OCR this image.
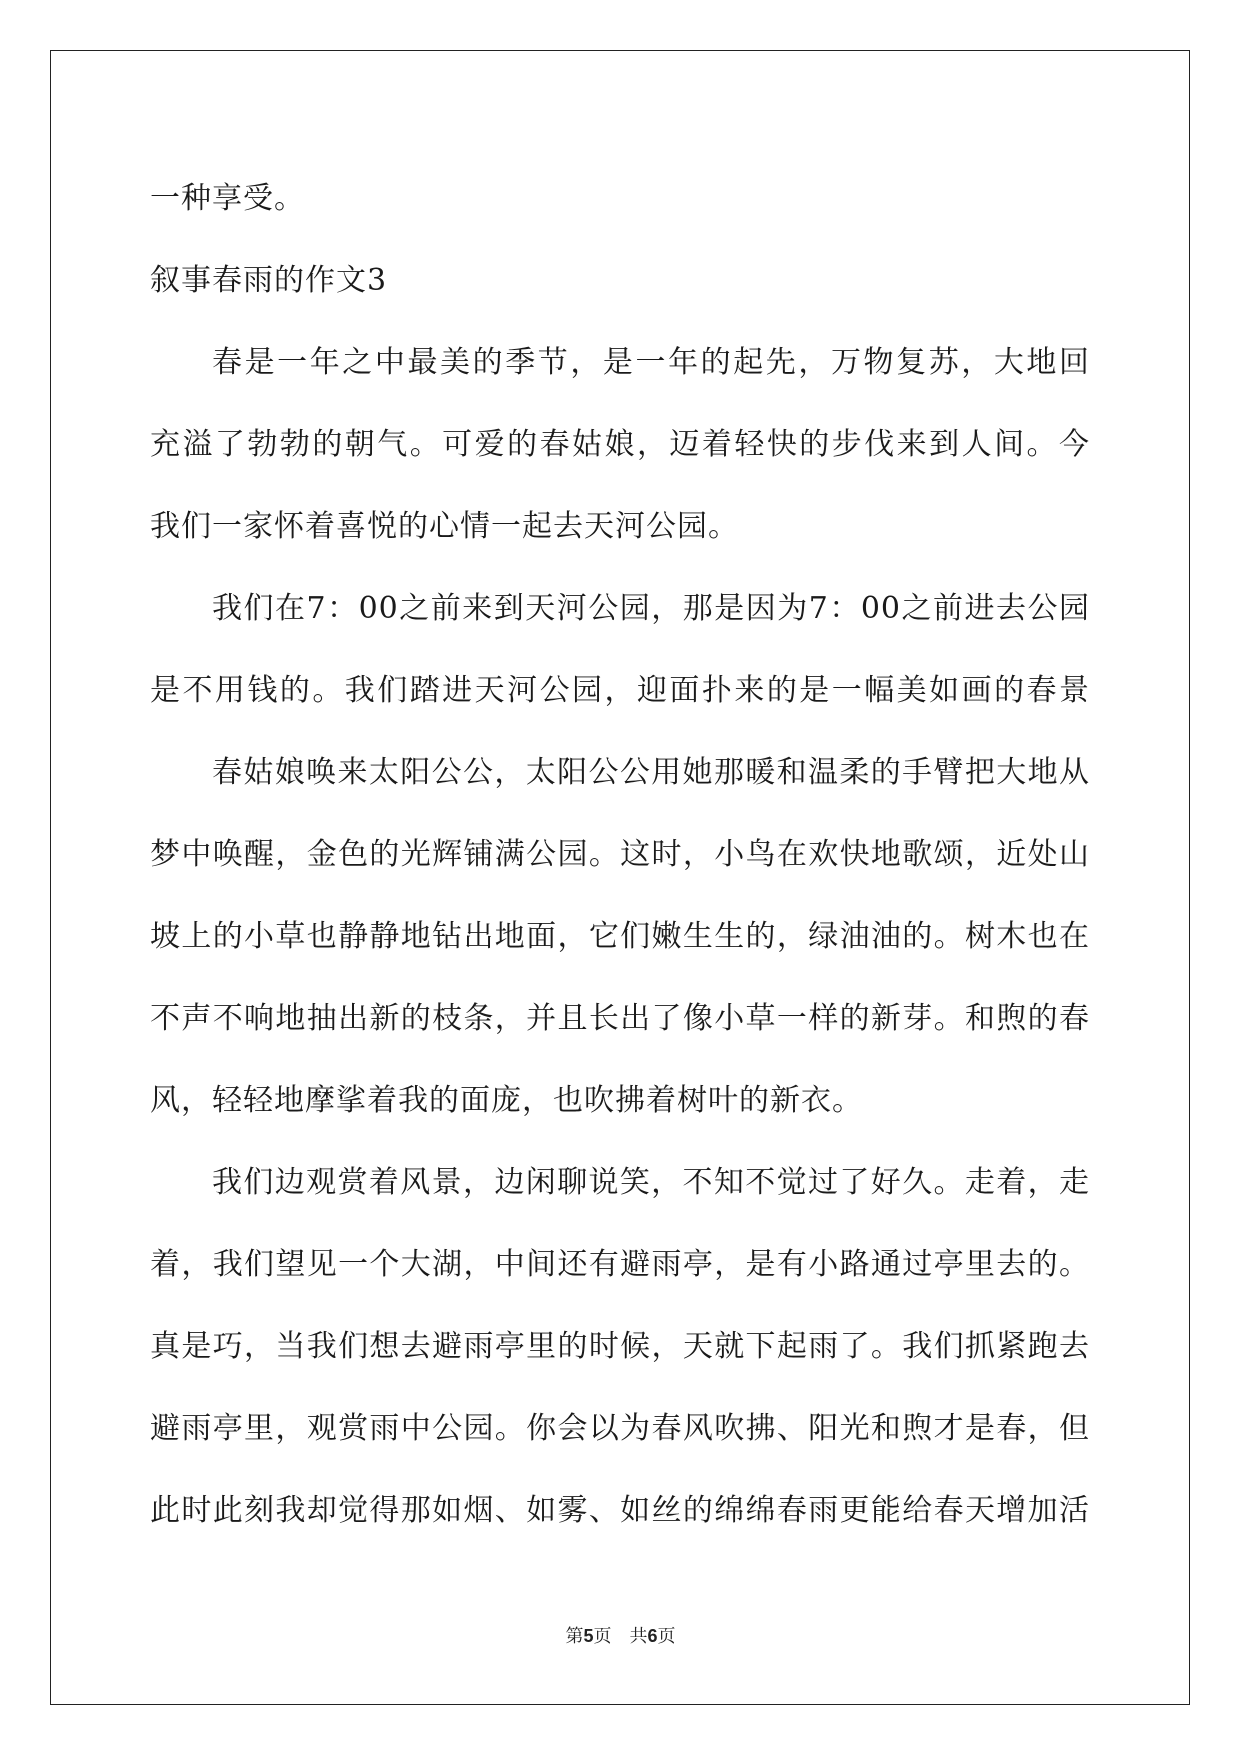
一种享受。
叙事春雨的作文3
春是一年之中最美的季节，是一年的起先，万物复苏，大地回
充溢了勃勃的朝气。可爱的春姑娘，迈着轻快的步伐来到人间。今
我们一家怀着喜悦的心情一起去天河公园。
我们在7：00之前来到天河公园，那是因为7：00之前进去公园
是不用钱的。我们踏进天河公园，迎面扑来的是一幅美如画的春景
春姑娘唤来太阳公公，太阳公公用她那暖和温柔的手臂把大地从
梦中唤醒，金色的光辉铺满公园。这时，小鸟在欢快地歌颂，近处山
坡上的小草也静静地钻出地面，它们嫩生生的，绿油油的。树木也在
不声不响地抽出新的枝条，并且长出了像小草一样的新芽。和煦的春
风，轻轻地摩挲着我的面庞，也吹拂着树叶的新衣。
我们边观赏着风景，边闲聊说笑，不知不觉过了好久。走着，走
着，我们望见一个大湖，中间还有避雨亭，是有小路通过亭里去的。
真是巧，当我们想去避雨亭里的时候，天就下起雨了。我们抓紧跑去
避雨亭里，观赏雨中公园。你会以为春风吹拂、阳光和煦才是春，但
此时此刻我却觉得那如烟、如雾、如丝的绵绵春雨更能给春天增加活
第5页 共6页
